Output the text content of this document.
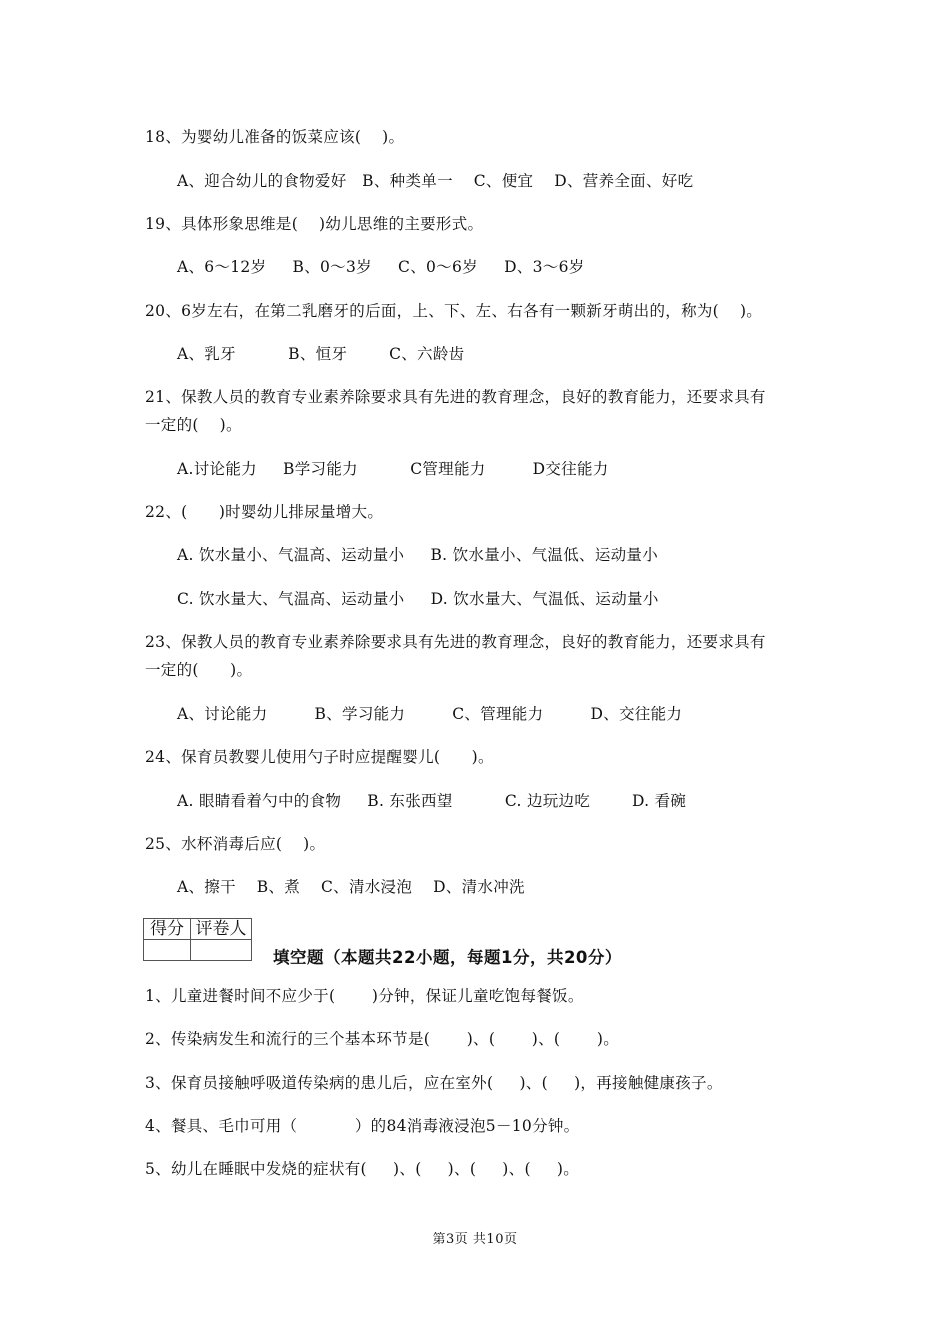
18、为婴幼儿准备的饭菜应该(    )。
A、迎合幼儿的食物爱好   B、种类单一    C、便宜    D、营养全面、好吃
19、具体形象思维是(    )幼儿思维的主要形式。
A、6～12岁     B、0～3岁     C、0～6岁     D、3～6岁
20、6岁左右，在第二乳磨牙的后面，上、下、左、右各有一颗新牙萌出的，称为(    )。
A、乳牙          B、恒牙        C、六龄齿
21、保教人员的教育专业素养除要求具有先进的教育理念，良好的教育能力，还要求具有
一定的(    )。
A.讨论能力     B学习能力          C管理能力         D交往能力
22、(      )时婴幼儿排尿量增大。
A. 饮水量小、气温高、运动量小     B. 饮水量小、气温低、运动量小
C. 饮水量大、气温高、运动量小     D. 饮水量大、气温低、运动量小
23、保教人员的教育专业素养除要求具有先进的教育理念，良好的教育能力，还要求具有
一定的(      )。
A、讨论能力         B、学习能力         C、管理能力         D、交往能力
24、保育员教婴儿使用勺子时应提醒婴儿(      )。
A. 眼睛看着勺中的食物     B. 东张西望          C. 边玩边吃        D. 看碗
25、水杯消毒后应(    )。
A、擦干    B、煮    C、清水浸泡    D、清水冲洗
得分	评卷人

填空题（本题共22小题，每题1分，共20分）
1、儿童进餐时间不应少于(       )分钟，保证儿童吃饱每餐饭。
2、传染病发生和流行的三个基本环节是(       )、(       )、(       )。
3、保育员接触呼吸道传染病的患儿后，应在室外(     )、(     )，再接触健康孩子。
4、餐具、毛巾可用（           ）的84消毒液浸泡5－10分钟。
5、幼儿在睡眠中发烧的症状有(     )、(     )、(     )、(     )。
第3页 共10页
